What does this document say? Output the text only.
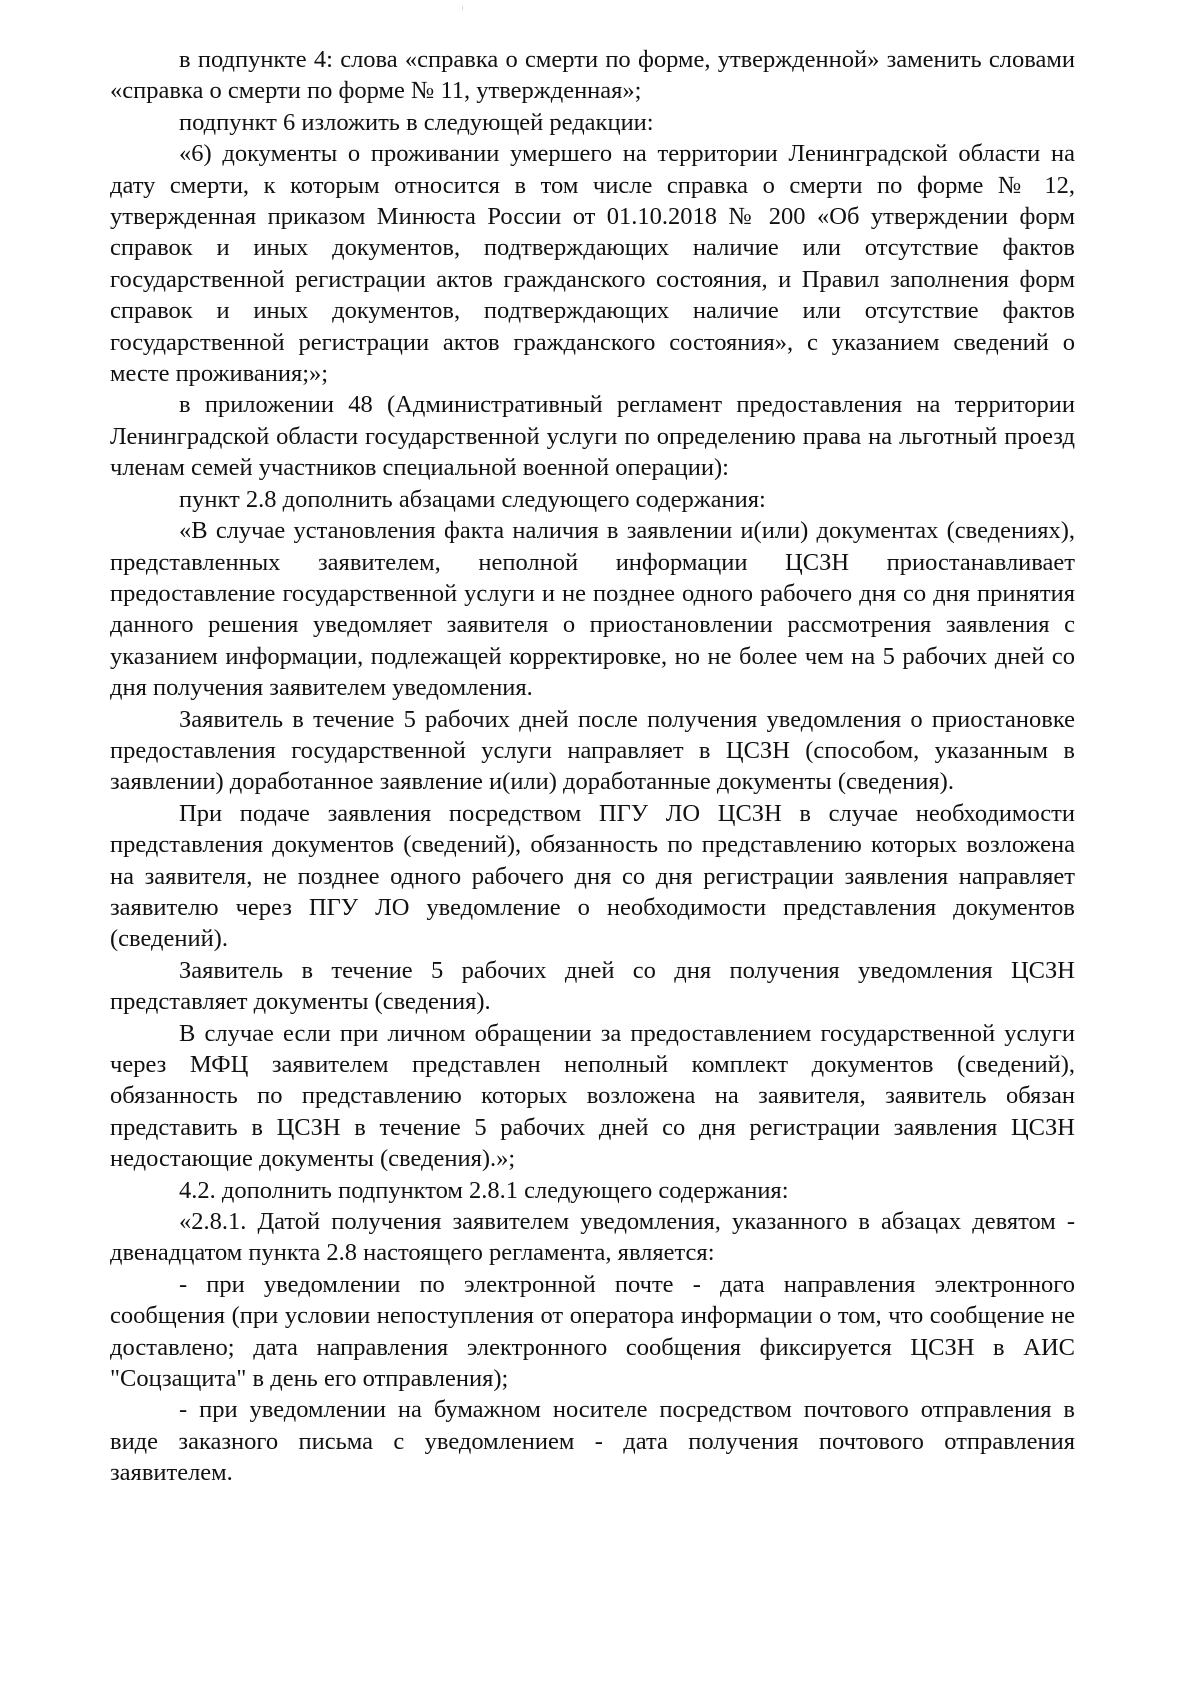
в подпункте 4: слова «справка о смерти по форме, утвержденной» заменить словами «справка о смерти по форме № 11, утвержденная»;

подпункт 6 изложить в следующей редакции:

«6) документы о проживании умершего на территории Ленинградской области на дату смерти, к которым относится в том числе справка о смерти по форме № 12, утвержденная приказом Минюста России от 01.10.2018 № 200 «Об утверждении форм справок и иных документов, подтверждающих наличие или отсутствие фактов государственной регистрации актов гражданского состояния, и Правил заполнения форм справок и иных документов, подтверждающих наличие или отсутствие фактов государственной регистрации актов гражданского состояния», с указанием сведений о месте проживания;»;

в приложении 48 (Административный регламент предоставления на территории Ленинградской области государственной услуги по определению права на льготный проезд членам семей участников специальной военной операции):

пункт 2.8 дополнить абзацами следующего содержания:

«В случае установления факта наличия в заявлении и(или) документах (сведениях), представленных заявителем, неполной информации ЦСЗН приостанавливает предоставление государственной услуги и не позднее одного рабочего дня со дня принятия данного решения уведомляет заявителя о приостановлении рассмотрения заявления с указанием информации, подлежащей корректировке, но не более чем на 5 рабочих дней со дня получения заявителем уведомления.

Заявитель в течение 5 рабочих дней после получения уведомления о приостановке предоставления государственной услуги направляет в ЦСЗН (способом, указанным в заявлении) доработанное заявление и(или) доработанные документы (сведения).

При подаче заявления посредством ПГУ ЛО ЦСЗН в случае необходимости представления документов (сведений), обязанность по представлению которых возложена на заявителя, не позднее одного рабочего дня со дня регистрации заявления направляет заявителю через ПГУ ЛО уведомление о необходимости представления документов (сведений).

Заявитель в течение 5 рабочих дней со дня получения уведомления ЦСЗН представляет документы (сведения).

В случае если при личном обращении за предоставлением государственной услуги через МФЦ заявителем представлен неполный комплект документов (сведений), обязанность по представлению которых возложена на заявителя, заявитель обязан представить в ЦСЗН в течение 5 рабочих дней со дня регистрации заявления ЦСЗН недостающие документы (сведения).»;

4.2. дополнить подпунктом 2.8.1 следующего содержания:

«2.8.1. Датой получения заявителем уведомления, указанного в абзацах девятом - двенадцатом пункта 2.8 настоящего регламента, является:

- при уведомлении по электронной почте - дата направления электронного сообщения (при условии непоступления от оператора информации о том, что сообщение не доставлено; дата направления электронного сообщения фиксируется ЦСЗН в АИС "Соцзащита" в день его отправления);

- при уведомлении на бумажном носителе посредством почтового отправления в виде заказного письма с уведомлением - дата получения почтового отправления заявителем.
